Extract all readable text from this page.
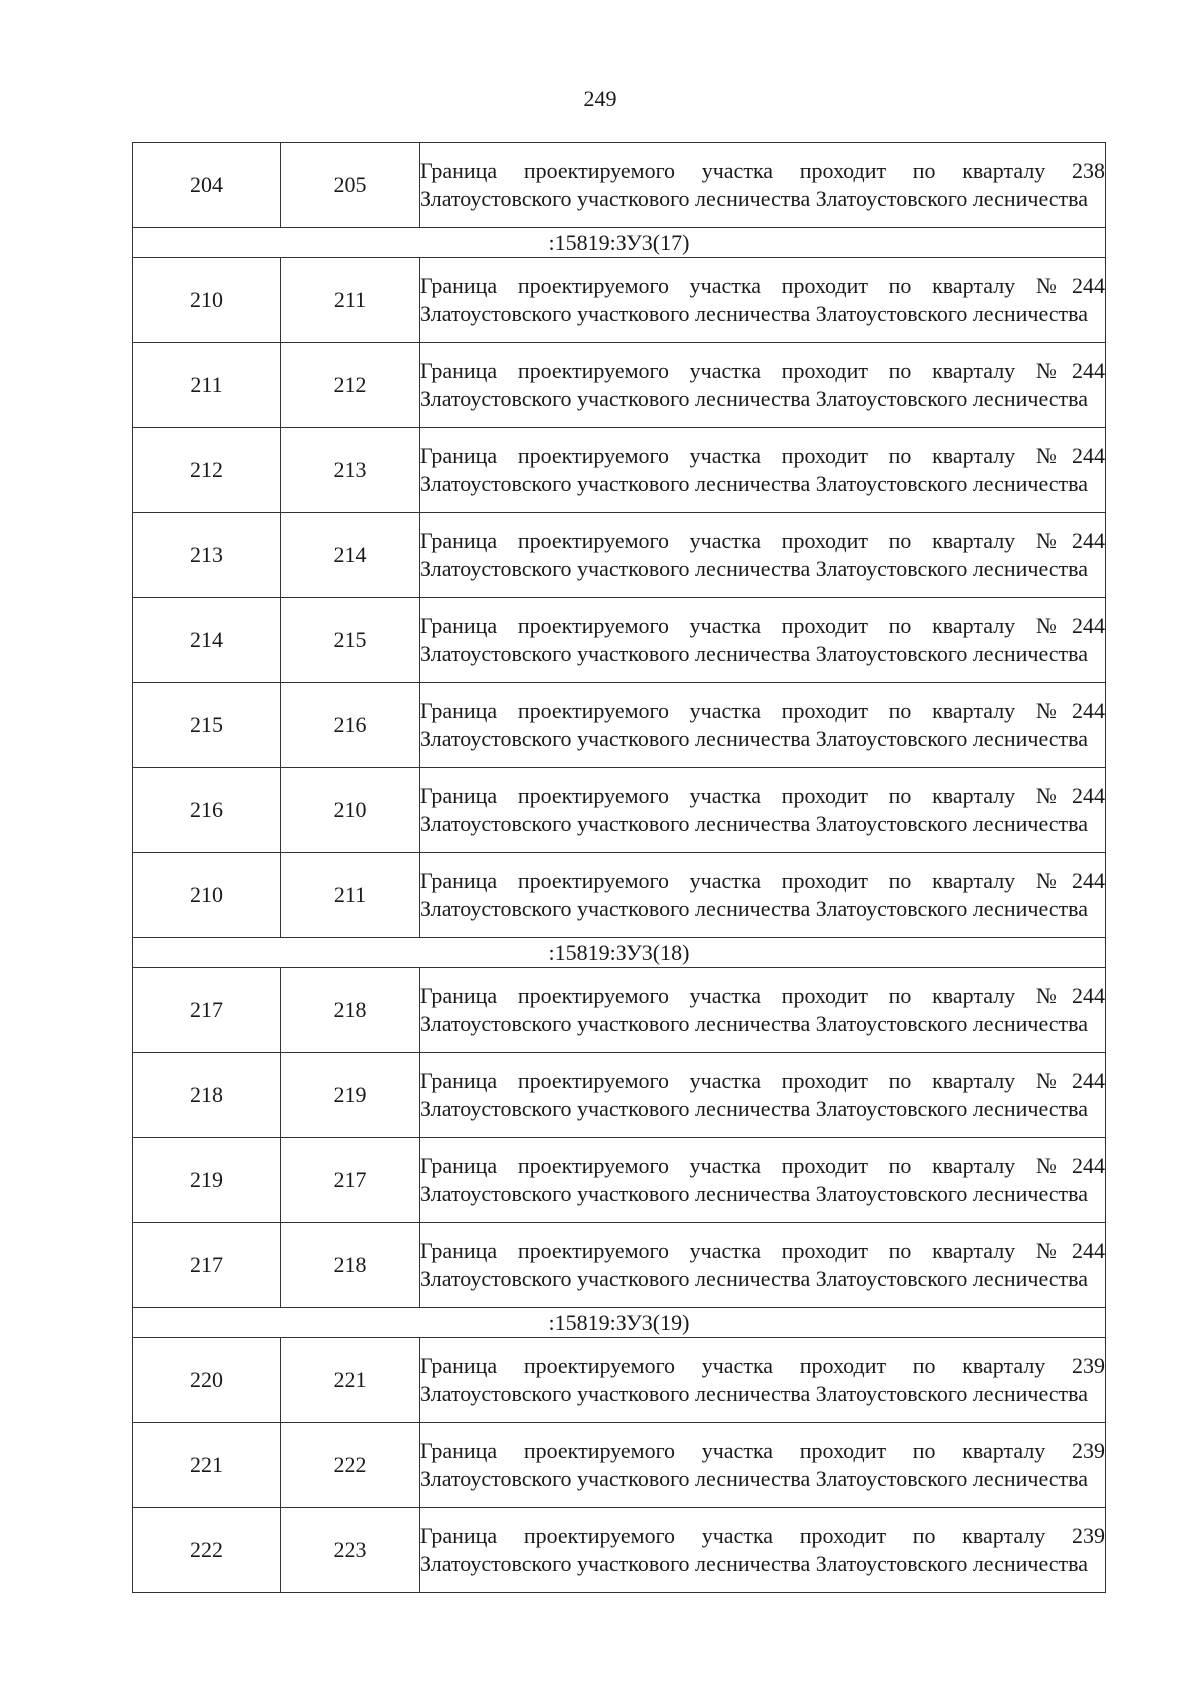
249
204	205	Граница проектируемого участка проходит по кварталу 238 Златоустовского участкового лесничества Златоустовского лесничества
:15819:ЗУ3(17)		
210	211	Граница проектируемого участка проходит по кварталу №244 Златоустовского участкового лесничества Златоустовского лесничества
211	212	Граница проектируемого участка проходит по кварталу №244 Златоустовского участкового лесничества Златоустовского лесничества
212	213	Граница проектируемого участка проходит по кварталу №244 Златоустовского участкового лесничества Златоустовского лесничества
213	214	Граница проектируемого участка проходит по кварталу №244 Златоустовского участкового лесничества Златоустовского лесничества
214	215	Граница проектируемого участка проходит по кварталу №244 Златоустовского участкового лесничества Златоустовского лесничества
215	216	Граница проектируемого участка проходит по кварталу №244 Златоустовского участкового лесничества Златоустовского лесничества
216	210	Граница проектируемого участка проходит по кварталу №244 Златоустовского участкового лесничества Златоустовского лесничества
210	211	Граница проектируемого участка проходит по кварталу №244 Златоустовского участкового лесничества Златоустовского лесничества
:15819:ЗУ3(18)		
217	218	Граница проектируемого участка проходит по кварталу №244 Златоустовского участкового лесничества Златоустовского лесничества
218	219	Граница проектируемого участка проходит по кварталу №244 Златоустовского участкового лесничества Златоустовского лесничества
219	217	Граница проектируемого участка проходит по кварталу №244 Златоустовского участкового лесничества Златоустовского лесничества
217	218	Граница проектируемого участка проходит по кварталу №244 Златоустовского участкового лесничества Златоустовского лесничества
:15819:ЗУ3(19)		
220	221	Граница проектируемого участка проходит по кварталу 239 Златоустовского участкового лесничества Златоустовского лесничества
221	222	Граница проектируемого участка проходит по кварталу 239 Златоустовского участкового лесничества Златоустовского лесничества
222	223	Граница проектируемого участка проходит по кварталу 239 Златоустовского участкового лесничества Златоустовского лесничества
